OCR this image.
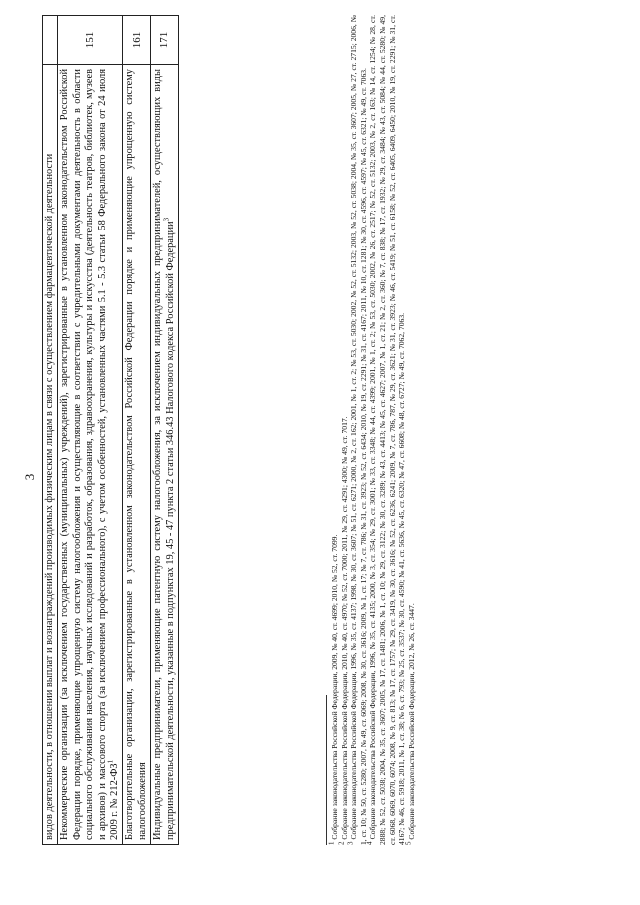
3 видов деятельности, в отношении выплат и вознаграждений производимых физическим лицам в связи с осуществлением фармацевтической деятельности	
Некоммерческие организации (за исключением государственных (муниципальных) учреждений), зарегистрированные в установленном законодательством Российской Федерации порядке, применяющие упрощенную систему налогообложения и осуществляющие в соответствии с учредительными документами деятельность в области социального обслуживания населения, научных исследований и разработок, образования, здравоохранения, культуры и искусства (деятельность театров, библиотек, музеев и архивов) и массового спорта (за исключением профессионального), с учетом особенностей, установленных частями 5.1 - 5.3 статьи 58 Федерального закона от 24 июля 2009 г. № $212-ФЗ^1$	151
Благотворительные организации, зарегистрированные в установленном законодательством Российской Федерации порядке и применяющие упрощенную систему налогообложения	161
Индивидуальные предприниматели, применяющие патентную систему налогообложения, за исключением индивидуальных предпринимателей, осуществляющих виды предпринимательской деятельности, указанные в подпунктах 19, 45 - 47 пункта 2 статьи 346.43 Налогового кодекса Российской Федерации$^3$	171

$^1$ Собрание законодательства Российской Федерации, 2009, № 40, ст. 4699; 2010, № 52, ст. 7099.

$^2$ Собрание законодательства Российской Федерации, 2010, № 40, ст. 4970; № 52, ст. 7000; 2011, № 29, ст. 4291; 4300; № 49, ст. 7017.

$^3$ Собрание законодательства Российской Федерации, 1996, № 35, ст. 4137; 1998, № 30, ст. 3607; № 51, ст. 6271; 2000, № 2, ст. 162; 2001, № 1, ст. 2; № 53, ст. 5030; 2002, № 52, ст. 5132; 2003, № 52, ст. 5038; 2004, № 35, ст. 3607; 2005, № 27, ст. 2715; 2006, № 1, ст. 10; № 50, ст. 5280; 2007, № 49, ст. 6069; 2008, № 30, ст. 3616; 2009, № 1, ст. 17; № 7, ст. 786; № 31, ст. 3923; № 52, ст. 6434; 2010, № 19, ст. 2291; № 31, ст. 4167; 2011, № 10, ст. 1281; № 30, ст. 4596, ст. 4597; № 45, ст. 6321; № 49, ст. 7063.

$^4$ Собрание законодательства Российской Федерации, 1996, № 35, ст. 4135; 2000, № 3, ст. 354; № 29, ст. 3001; № 33, ст. 3348; № 44, ст. 4399; 2001, № 1, ст. 2; № 53, ст. 5030; 2002, № 26, ст. 2517; № 52, ст. 5132; 2003, № 2, ст. 163; № 14, ст. 1254; № 28, ст. 2888; № 52, ст. 5038; 2004, № 35, ст. 3607; 2005, № 17, ст. 1481; 2006, № 1, ст. 10; № 29, ст. 3122; № 30, ст. 3289; № 43, ст. 4413; № 45, ст. 4627; 2007, № 1, ст. 21; № 2, ст. 360; № 7, ст. 838; № 17, ст. 1932; № 29, ст. 3484; № 43, ст. 5084; № 44, ст. 5280; № 49, ст. 6068, 6069, 6070, 6074; 2008, № 9, ст. 813; № 17, ст. 1757; № 29, ст. 3419, № 30, ст. 3616; № 52, ст. 6236, 6241; 2009, № 7, ст. 786, 787, № 29, ст. 3621; № 31, ст. 3923; № 46, ст. 5419; № 51, ст. 6158; № 52, ст. 6405, 6409, 6450; 2010, № 19, ст. 2291; № 31, ст. 4167; № 46, ст. 5918; 2011, № 1, ст. 38; № 6, ст. 793; № 25, ст. 3537; № 30, ст. 4590; № 41, ст. 5636, № 45, ст. 6320; № 47, ст. 6608; № 48, ст. 6727; № 49, ст. 7062, 7063.

$^5$ Собрание законодательства Российской Федерации, 2012, № 26, ст. 3447.
